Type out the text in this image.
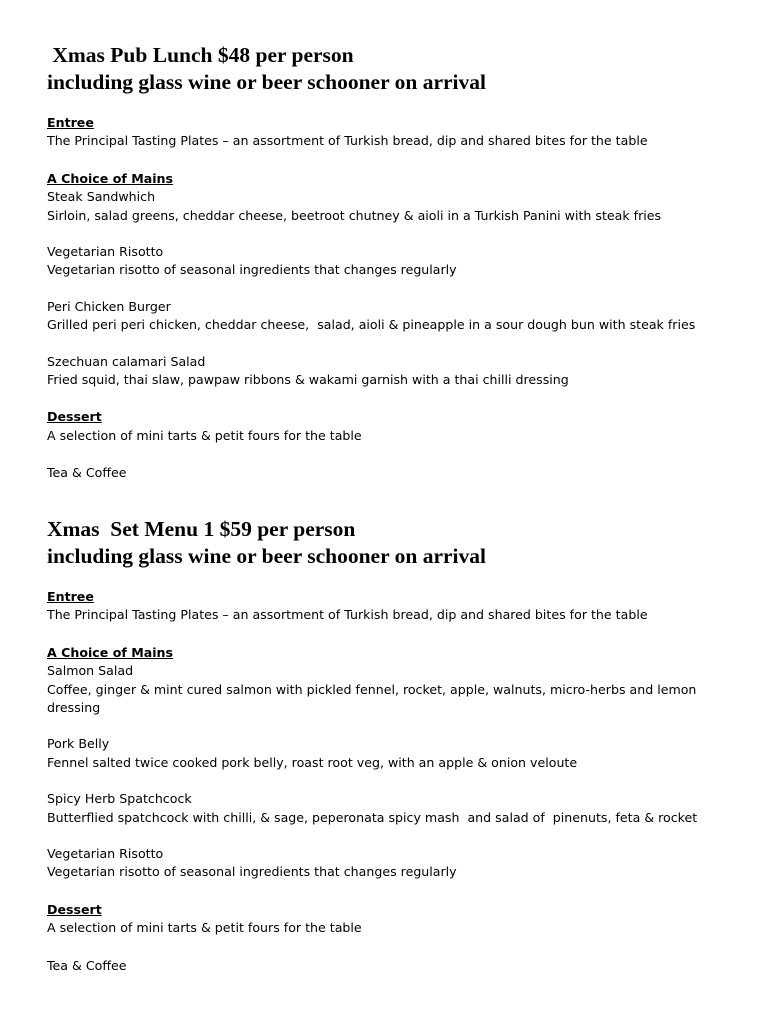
Xmas Pub Lunch $48 per person
including glass wine or beer schooner on arrival
Entree
The Principal Tasting Plates – an assortment of Turkish bread, dip and shared bites for the table
A Choice of Mains
Steak Sandwhich
Sirloin, salad greens, cheddar cheese, beetroot chutney & aioli in a Turkish Panini with steak fries
Vegetarian Risotto
Vegetarian risotto of seasonal ingredients that changes regularly
Peri Chicken Burger
Grilled peri peri chicken, cheddar cheese,  salad, aioli & pineapple in a sour dough bun with steak fries
Szechuan calamari Salad
Fried squid, thai slaw, pawpaw ribbons & wakami garnish with a thai chilli dressing
Dessert
A selection of mini tarts & petit fours for the table
Tea & Coffee
Xmas  Set Menu 1 $59 per person
including glass wine or beer schooner on arrival
Entree
The Principal Tasting Plates – an assortment of Turkish bread, dip and shared bites for the table
A Choice of Mains
Salmon Salad
Coffee, ginger & mint cured salmon with pickled fennel, rocket, apple, walnuts, micro-herbs and lemon dressing
Pork Belly
Fennel salted twice cooked pork belly, roast root veg, with an apple & onion veloute
Spicy Herb Spatchcock
Butterflied spatchcock with chilli, & sage, peperonata spicy mash  and salad of  pinenuts, feta & rocket
Vegetarian Risotto
Vegetarian risotto of seasonal ingredients that changes regularly
Dessert
A selection of mini tarts & petit fours for the table
Tea & Coffee
